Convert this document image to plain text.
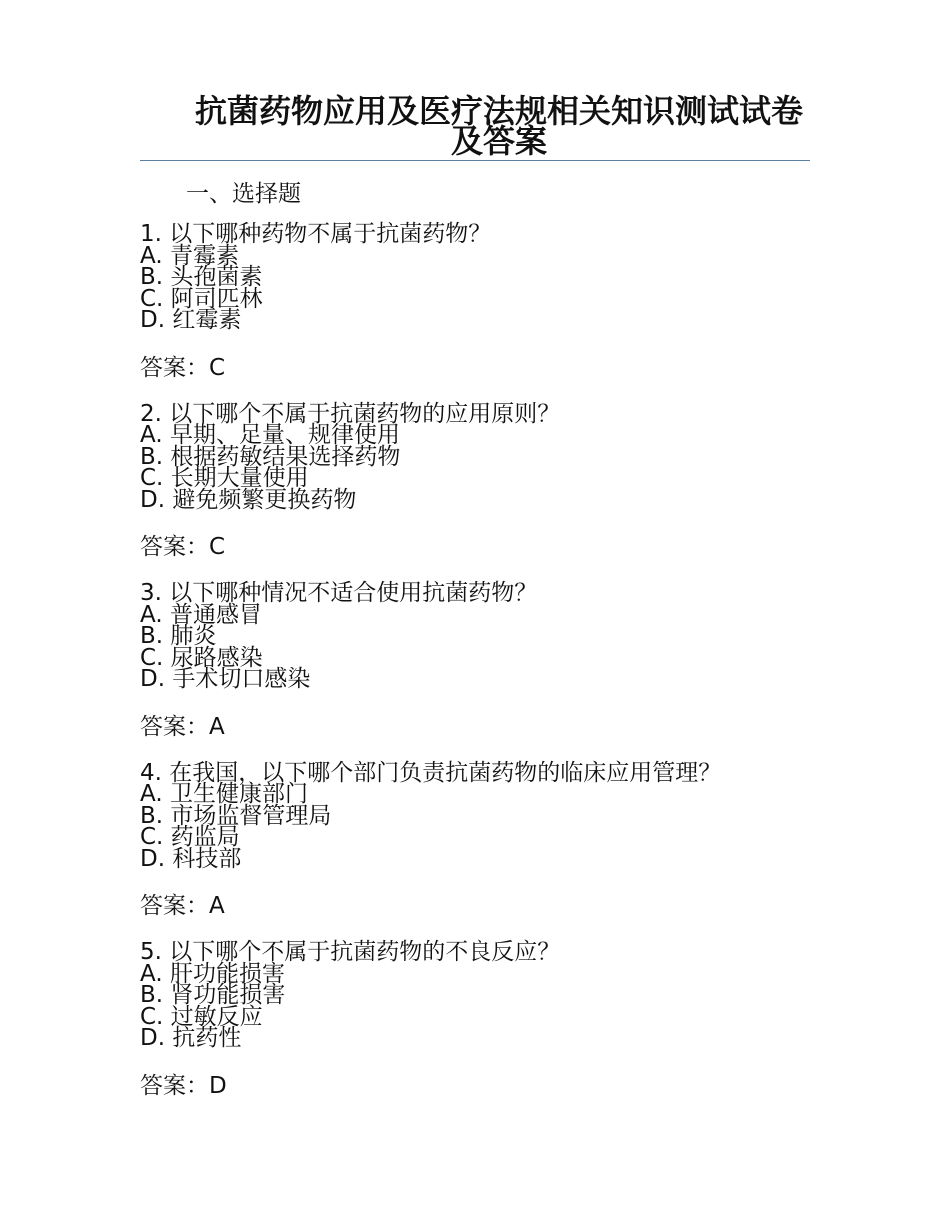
抗菌药物应用及医疗法规相关知识测试试卷及答案
一、选择题
1. 以下哪种药物不属于抗菌药物？
A. 青霉素
B. 头孢菌素
C. 阿司匹林
D. 红霉素
答案：C
2. 以下哪个不属于抗菌药物的应用原则？
A. 早期、足量、规律使用
B. 根据药敏结果选择药物
C. 长期大量使用
D. 避免频繁更换药物
答案：C
3. 以下哪种情况不适合使用抗菌药物？
A. 普通感冒
B. 肺炎
C. 尿路感染
D. 手术切口感染
答案：A
4. 在我国，以下哪个部门负责抗菌药物的临床应用管理？
A. 卫生健康部门
B. 市场监督管理局
C. 药监局
D. 科技部
答案：A
5. 以下哪个不属于抗菌药物的不良反应？
A. 肝功能损害
B. 肾功能损害
C. 过敏反应
D. 抗药性
答案：D
